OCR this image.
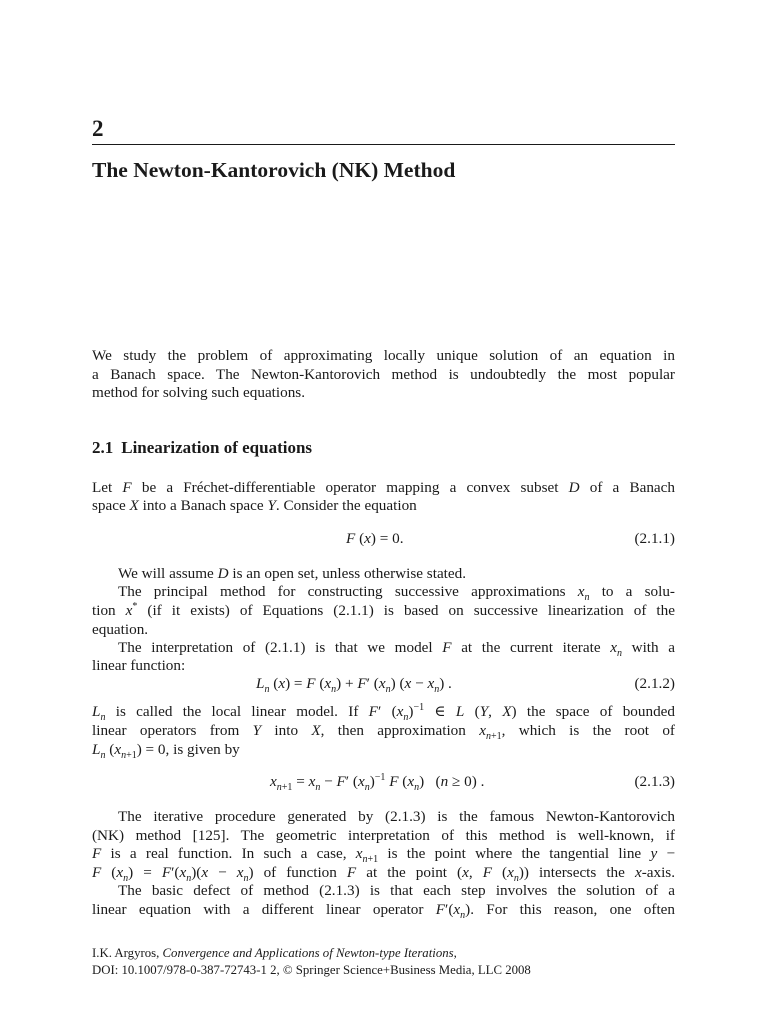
2
The Newton-Kantorovich (NK) Method
We study the problem of approximating locally unique solution of an equation in
a Banach space. The Newton-Kantorovich method is undoubtedly the most popular
method for solving such equations.
2.1 Linearization of equations
Let F be a Fréchet-differentiable operator mapping a convex subset D of a Banach
space X into a Banach space Y. Consider the equation
F (x) = 0.	(2.1.1)
We will assume D is an open set, unless otherwise stated.
The principal method for constructing successive approximations $x_n$ to a solu-
tion x* (if it exists) of Equations (2.1.1) is based on successive linearization of the
equation.
The interpretation of (2.1.1) is that we model F at the current iterate $x_n$ with a
linear function:
$L_n$ (x) = F $(x_n) + F'$ $(x_n) (x - x_n)$ .	(2.1.2)
$L_n$ is called the local linear model. If F′ $(x_n)^{-1}$ ∈ L (Y, X) the space of bounded
linear operators from Y into X, then approximation $x_{n+1}$, which is the root of
$L_n$ $(x_{n+1}) = 0$, is given by
$x_{n+1} = x_n - F'$ $(x_n)^{-1}$ F $(x_n) (n \ge 0)$ .	(2.1.3)
The iterative procedure generated by (2.1.3) is the famous Newton-Kantorovich
(NK) method [125]. The geometric interpretation of this method is well-known, if
F is a real function. In such a case, $x_{n+1}$ is the point where the tangential line y −
F $(x_n) = F'(x_n)(x - x_n)$ of function F at the point (x, F $(x_n)$) intersects the x-axis.
The basic defect of method (2.1.3) is that each step involves the solution of a
linear equation with a different linear operator $F'(x_n)$. For this reason, one often
I.K. Argyros, Convergence and Applications of Newton-type Iterations,
DOI: 10.1007/978-0-387-72743-1 2, © Springer Science+Business Media, LLC 2008
